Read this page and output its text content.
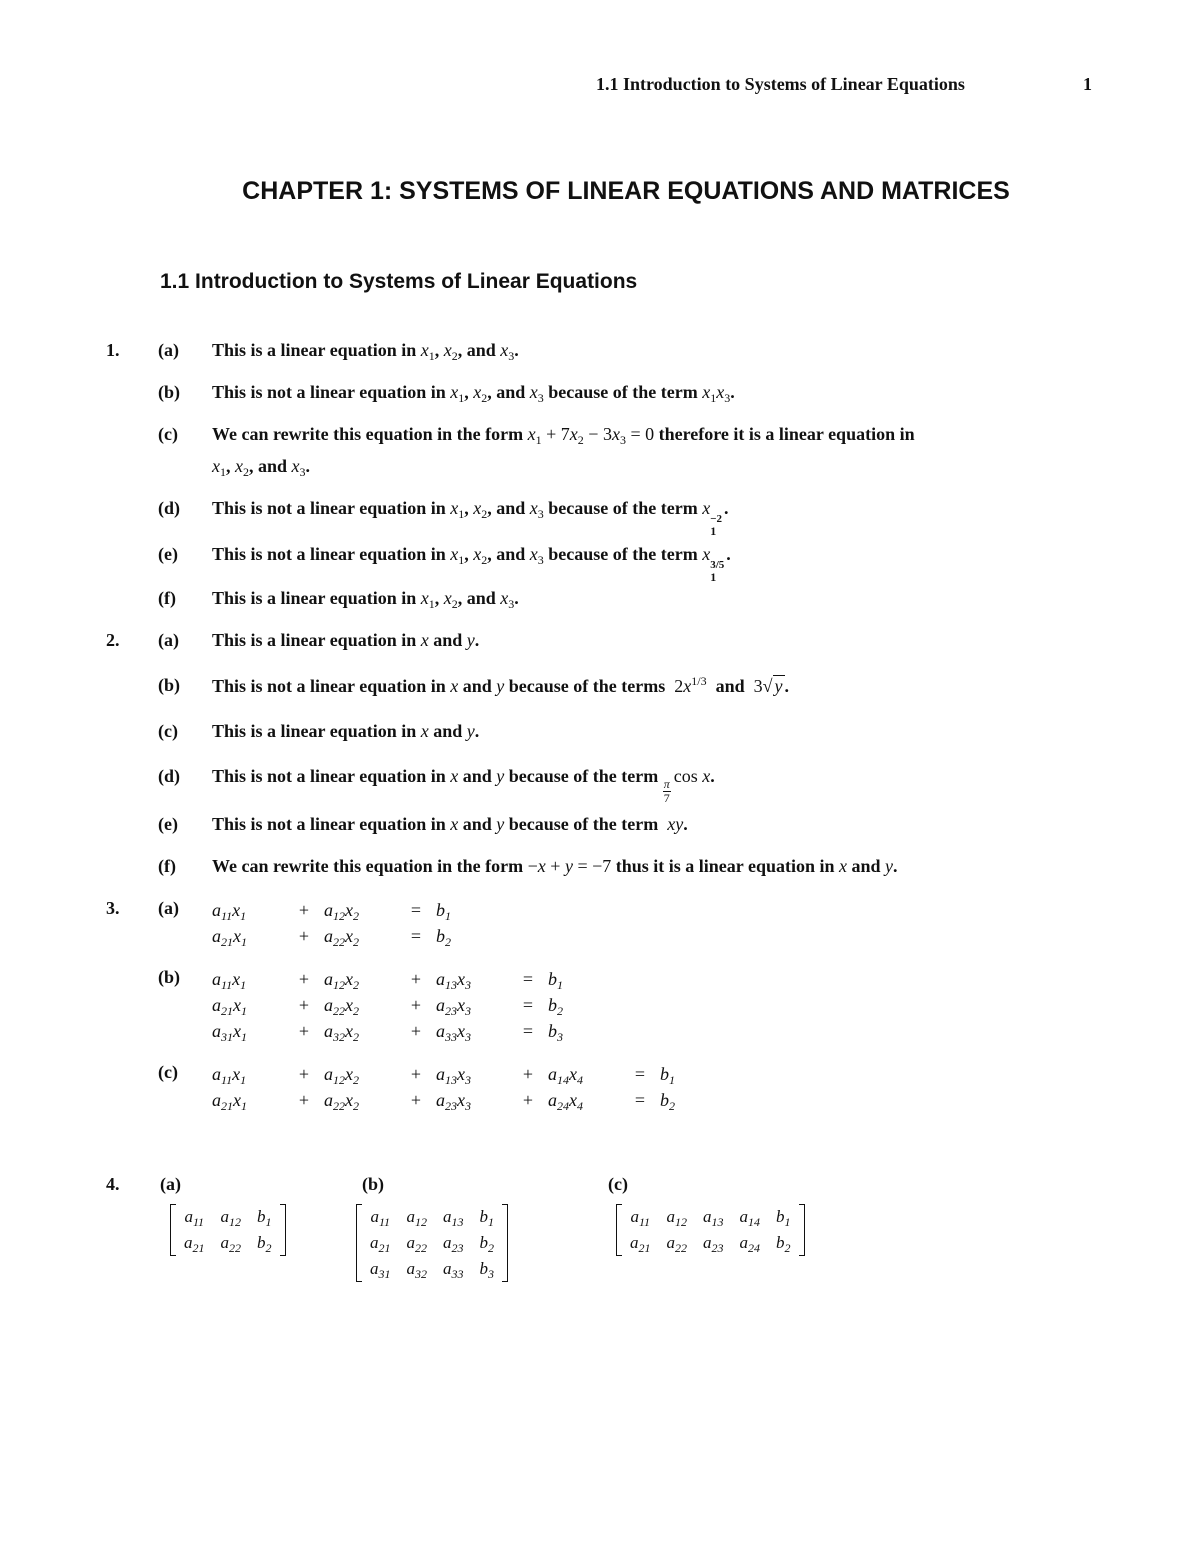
1.1 Introduction to Systems of Linear Equations	1
CHAPTER 1: SYSTEMS OF LINEAR EQUATIONS AND MATRICES
1.1 Introduction to Systems of Linear Equations
1. (a) This is a linear equation in $x_1$, $x_2$, and $x_3$.
(b) This is not a linear equation in $x_1$, $x_2$, and $x_3$ because of the term $x_1x_3$.
(c) We can rewrite this equation in the form $x_1 + 7x_2 - 3x_3 = 0$ therefore it is a linear equation in
$x_1$, $x_2$, and $x_3$.
(d) This is not a linear equation in $x_1$, $x_2$, and $x_3$ because of the term x
−2
1
.
(e) This is not a linear equation in $x_1$, $x_2$, and $x_3$ because of the term x
3/5
1
.
(f) This is a linear equation in $x_1$, $x_2$, and $x_3$.
2. (a) This is a linear equation in x and y.
(b) This is not a linear equation in x and y because of the terms $2x^{1/3}$ and 3√ y .
(c) This is a linear equation in x and y.
(d) This is not a linear equation in x and y because of the term
$\frac{\pi}{7}$
cos x.
(e) This is not a linear equation in x and y because of the term xy.
(f) We can rewrite this equation in the form −x + y = −7 thus it is a linear equation in x and y.
3. (a) $a_{11}x_1$	+	$a_{12}x_2$	=	$b_1$
$a_{21}x_1$	+	$a_{22}x_2$	=	$b_2$
(b) $a_{11}x_1$	+	$a_{12}x_2$	+	$a_{13}x_3$	=	$b_1$
$a_{21}x_1$	+	$a_{22}x_2$	+	$a_{23}x_3$	=	$b_2$
$a_{31}x_1$	+	$a_{32}x_2$	+	$a_{33}x_3$	=	$b_3$
(c) $a_{11}x_1$	+	$a_{12}x_2$	+	$a_{13}x_3$	+	$a_{14}x_4$	=	$b_1$
$a_{21}x_1$	+	$a_{22}x_2$	+	$a_{23}x_3$	+	$a_{24}x_4$	=	$b_2$
4. (a)
$a_{11}$	$a_{12}$	$b_1$
$a_{21}$	$a_{22}$	$b_2$
(b)
$a_{11}$	$a_{12}$	$a_{13}$	$b_1$
$a_{21}$	$a_{22}$	$a_{23}$	$b_2$
$a_{31}$	$a_{32}$	$a_{33}$	$b_3$
(c)
$a_{11}$	$a_{12}$	$a_{13}$	$a_{14}$	$b_1$
$a_{21}$	$a_{22}$	$a_{23}$	$a_{24}$	$b_2$
